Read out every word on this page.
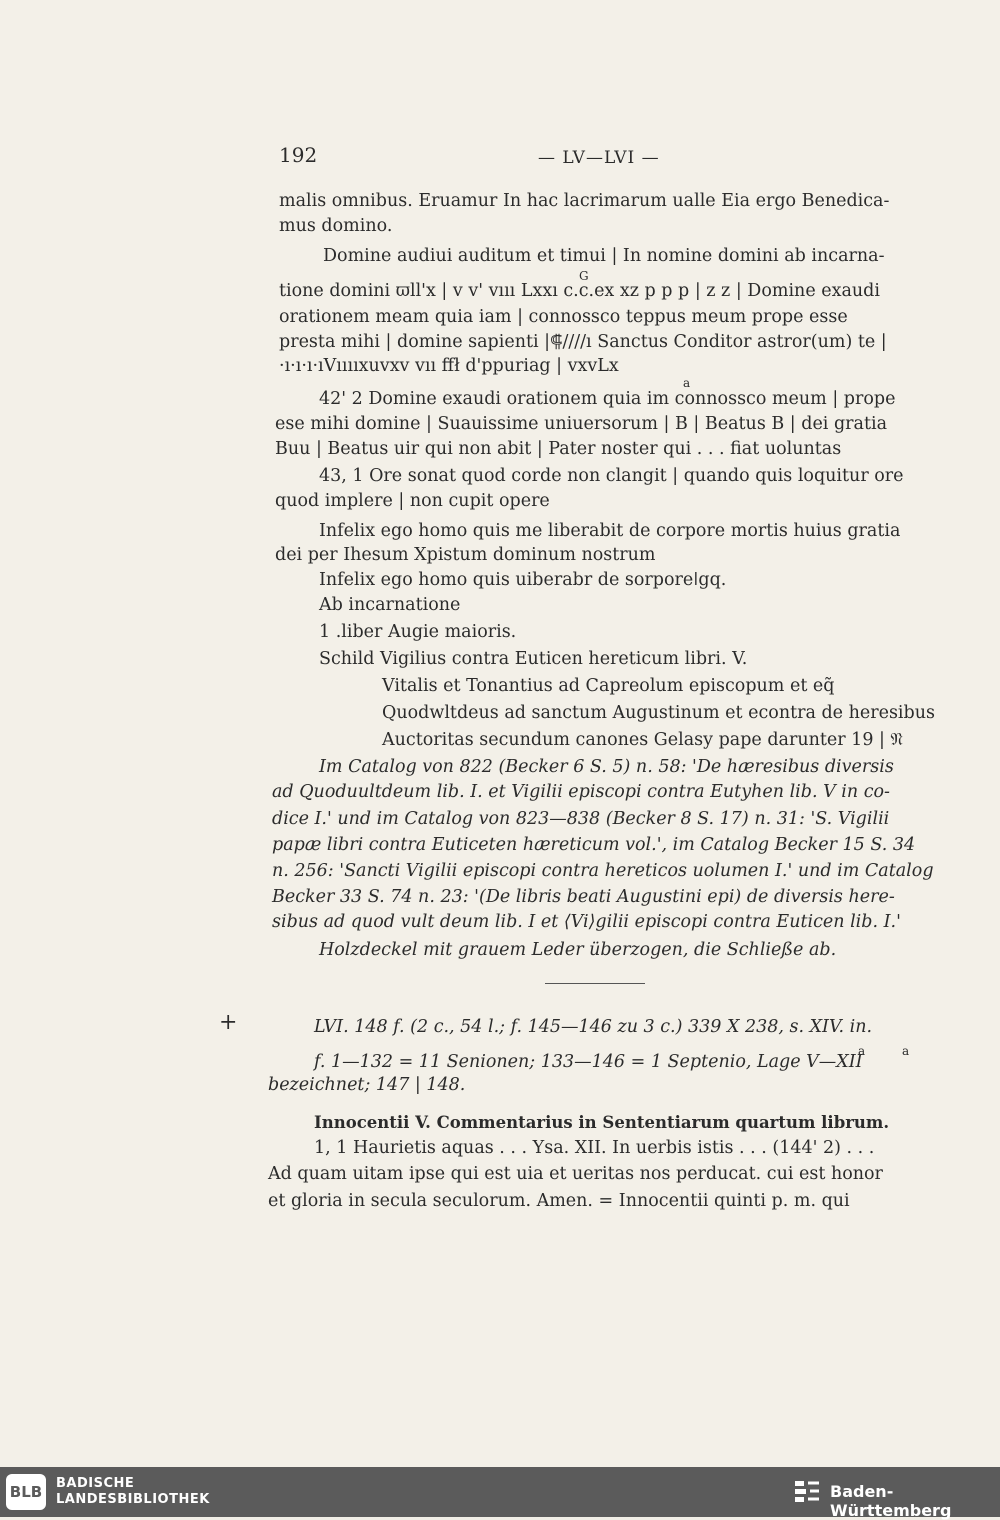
192	— LV—LVI —
malis omnibus. Eruamur In hac lacrimarum ualle Eia ergo Benedica-
mus domino.
Domine audiui auditum et timui | In nomine domini ab incarna-
G
tione domini ϖll'x | v v' vııı Lxxı c.c.ex xz p p p | z z | Domine exaudi
orationem meam quia iam | connossco teppus meum prope esse
presta mihi | domine sapienti |⸿////ı Sanctus Conditor astror(um) te |
·ı·ı·ı·ıVııııxuvxv vıı ffł d'ppuriag | vxvLx
a
42' 2 Domine exaudi orationem quia im connossco meum | prope
ese mihi domine | Suauissime uniuersorum | B | Beatus B | dei gratia
Buu | Beatus uir qui non abit | Pater noster qui . . . fiat uoluntas
43, 1 Ore sonat quod corde non clangit | quando quis loquitur ore
quod implere | non cupit opere
Infelix ego homo quis me liberabit de corpore mortis huius gratia
dei per Ihesum Xpistum dominum nostrum
Infelix ego homo quis uiberabr de sorporeǀgq.
Ab incarnatione
1 .liber Augie maioris.
Schild Vigilius contra Euticen hereticum libri. V.
Vitalis et Tonantius ad Capreolum episcopum et eq̃
Quodwltdeus ad sanctum Augustinum et econtra de heresibus
Auctoritas secundum canones Gelasy pape darunter 19 | 𝔑
Im Catalog von 822 (Becker 6 S. 5) n. 58: 'De hæresibus diversis
ad Quoduultdeum lib. I. et Vigilii episcopi contra Eutyhen lib. V in co-
dice I.' und im Catalog von 823—838 (Becker 8 S. 17) n. 31: 'S. Vigilii
papæ libri contra Euticeten hæreticum vol.', im Catalog Becker 15 S. 34
n. 256: 'Sancti Vigilii episcopi contra hereticos uolumen I.' und im Catalog
Becker 33 S. 74 n. 23: '(De libris beati Augustini epi) de diversis here-
sibus ad quod vult deum lib. I et ⟨Vi⟩gilii episcopi contra Euticen lib. I.'
Holzdeckel mit grauem Leder überzogen, die Schließe ab.
+	LVI. 148 f. (2 c., 54 l.; f. 145—146 zu 3 c.) 339 X 238, s. XIV. in.
a	a
f. 1—132 = 11 Senionen; 133—146 = 1 Septenio, Lage V—XII
bezeichnet; 147 | 148.
Innocentii V. Commentarius in Sententiarum quartum librum.
1, 1 Haurietis aquas . . . Ysa. XII. In uerbis istis . . . (144' 2) . . .
Ad quam uitam ipse qui est uia et ueritas nos perducat. cui est honor
et gloria in secula seculorum. Amen. = Innocentii quinti p. m. qui
BLB BADISCHE
LANDESBIBLIOTHEK	Baden-Württemberg
